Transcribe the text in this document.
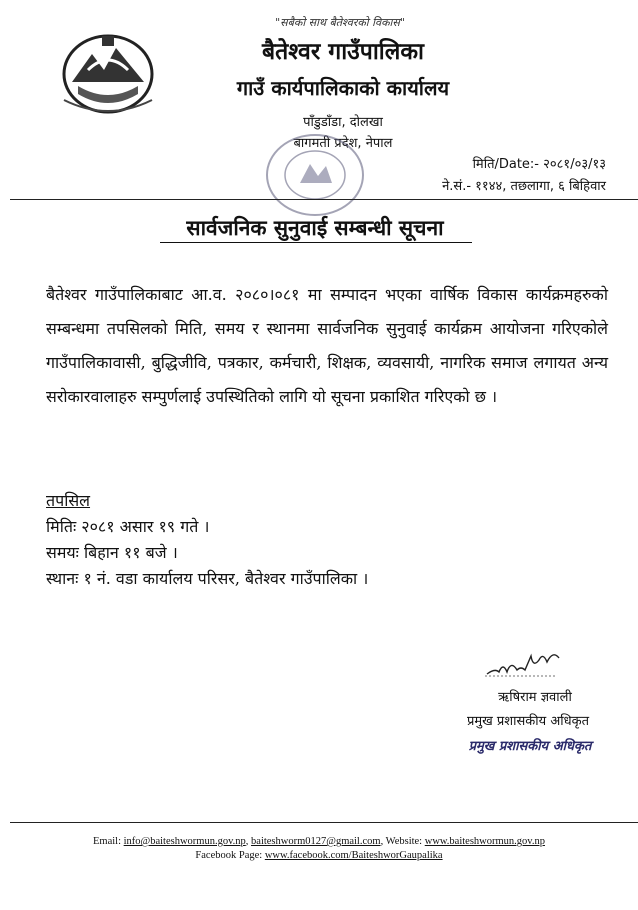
"सबैको साथ बैतेश्वरको विकास"
बैतेश्वर गाउँपालिका
गाउँ कार्यपालिकाको कार्यालय
पाँडुडाँडा, दोलखा
बागमती प्रदेश, नेपाल
मिति/Date:- २०८१/०३/१३
ने.सं.- ११४४, तछलागा, ६ बिहिवार
सार्वजनिक सुनुवाई सम्बन्धी सूचना
बैतेश्वर गाउँपालिकाबाट आ.व. २०८०।०८१ मा सम्पादन भएका वार्षिक विकास कार्यक्रमहरुको सम्बन्धमा तपसिलको मिति, समय र स्थानमा सार्वजनिक सुनुवाई कार्यक्रम आयोजना गरिएकोले गाउँपालिकावासी, बुद्धिजीवि, पत्रकार, कर्मचारी, शिक्षक, व्यवसायी, नागरिक समाज लगायत अन्य सरोकारवालाहरु सम्पुर्णलाई उपस्थितिको लागि यो सूचना प्रकाशित गरिएको छ ।
तपसिल
मितिः २०८१ असार १९ गते ।
समयः बिहान ११ बजे ।
स्थानः १ नं. वडा कार्यालय परिसर, बैतेश्वर गाउँपालिका ।
ऋषिराम ज्ञवाली
प्रमुख प्रशासकीय अधिकृत
प्रमुख प्रशासकीय अधिकृत
Email: info@baiteshwormun.gov.np, baiteshworm0127@gmail.com, Website: www.baiteshwormun.gov.np
Facebook Page: www.facebook.com/BaiteshworGaupalika
